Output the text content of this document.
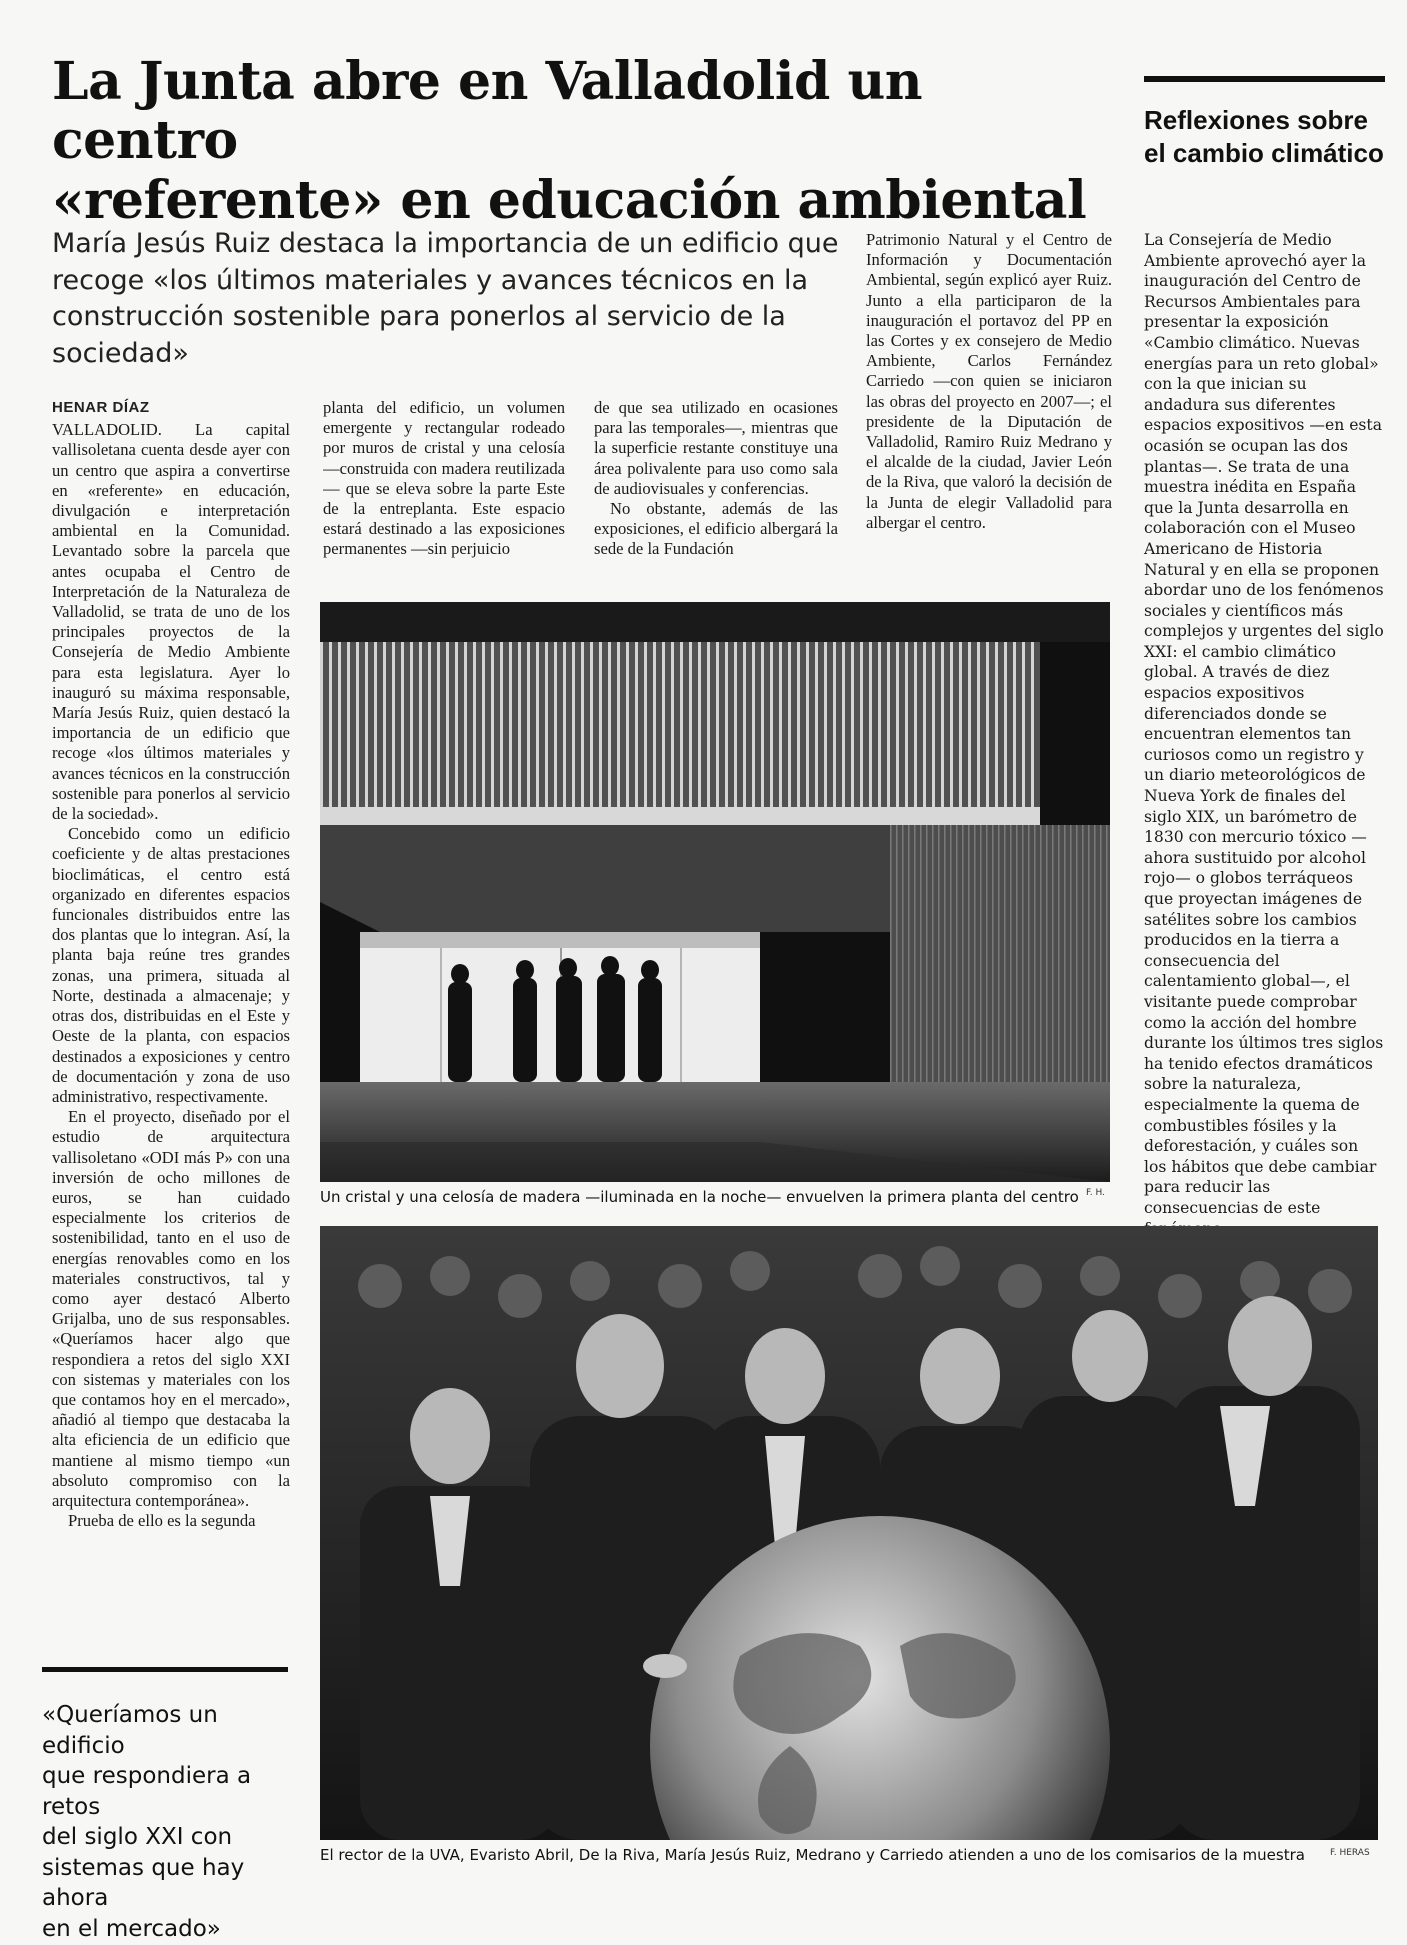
La Junta abre en Valladolid un centro
«referente» en educación ambiental
María Jesús Ruiz destaca la importancia de un edificio que recoge «los últimos materiales y avances técnicos en la construcción sostenible para ponerlos al servicio de la sociedad»
HENAR DÍAZ

VALLADOLID. La capital vallisoletana cuenta desde ayer con un centro que aspira a convertirse en «referente» en educación, divulgación e interpretación ambiental en la Comunidad. Levantado sobre la parcela que antes ocupaba el Centro de Interpretación de la Naturaleza de Valladolid, se trata de uno de los principales proyectos de la Consejería de Medio Ambiente para esta legislatura. Ayer lo inauguró su máxima responsable, María Jesús Ruiz, quien destacó la importancia de un edificio que recoge «los últimos materiales y avances técnicos en la construcción sostenible para ponerlos al servicio de la sociedad».

Concebido como un edificio coeficiente y de altas prestaciones bioclimáticas, el centro está organizado en diferentes espacios funcionales distribuidos entre las dos plantas que lo integran. Así, la planta baja reúne tres grandes zonas, una primera, situada al Norte, destinada a almacenaje; y otras dos, distribuidas en el Este y Oeste de la planta, con espacios destinados a exposiciones y centro de documentación y zona de uso administrativo, respectivamente.

En el proyecto, diseñado por el estudio de arquitectura vallisoletano «ODI más P» con una inversión de ocho millones de euros, se han cuidado especialmente los criterios de sostenibilidad, tanto en el uso de energías renovables como en los materiales constructivos, tal y como ayer destacó Alberto Grijalba, uno de sus responsables. «Queríamos hacer algo que respondiera a retos del siglo XXI con sistemas y materiales con los que contamos hoy en el mercado», añadió al tiempo que destacaba la alta eficiencia de un edificio que mantiene al mismo tiempo «un absoluto compromiso con la arquitectura contemporánea».

Prueba de ello es la segunda

«Queríamos un edificio
que respondiera a retos
del siglo XXI con
sistemas que hay ahora
en el mercado»

planta del edificio, un volumen emergente y rectangular rodeado por muros de cristal y una celosía —construida con madera reutilizada— que se eleva sobre la parte Este de la entreplanta. Este espacio estará destinado a las exposiciones permanentes —sin perjuicio

de que sea utilizado en ocasiones para las temporales—, mientras que la superficie restante constituye una área polivalente para uso como sala de audiovisuales y conferencias.

No obstante, además de las exposiciones, el edificio albergará la sede de la Fundación

Patrimonio Natural y el Centro de Información y Documentación Ambiental, según explicó ayer Ruiz. Junto a ella participaron de la inauguración el portavoz del PP en las Cortes y ex consejero de Medio Ambiente, Carlos Fernández Carriedo —con quien se iniciaron las obras del proyecto en 2007—; el presidente de la Diputación de Valladolid, Ramiro Ruiz Medrano y el alcalde de la ciudad, Javier León de la Riva, que valoró la decisión de la Junta de elegir Valladolid para albergar el centro.

Reflexiones sobre el cambio climático
La Consejería de Medio Ambiente aprovechó ayer la inauguración del Centro de Recursos Ambientales para presentar la exposición «Cambio climático. Nuevas energías para un reto global» con la que inician su andadura sus diferentes espacios expositivos —en esta ocasión se ocupan las dos plantas—. Se trata de una muestra inédita en España que la Junta desarrolla en colaboración con el Museo Americano de Historia Natural y en ella se proponen abordar uno de los fenómenos sociales y científicos más complejos y urgentes del siglo XXI: el cambio climático global. A través de diez espacios expositivos diferenciados donde se encuentran elementos tan curiosos como un registro y un diario meteorológicos de Nueva York de finales del siglo XIX, un barómetro de 1830 con mercurio tóxico —ahora sustituido por alcohol rojo— o globos terráqueos que proyectan imágenes de satélites sobre los cambios producidos en la tierra a consecuencia del calentamiento global—, el visitante puede comprobar como la acción del hombre durante los últimos tres siglos ha tenido efectos dramáticos sobre la naturaleza, especialmente la quema de combustibles fósiles y la deforestación, y cuáles son los hábitos que debe cambiar para reducir las consecuencias de este
Un cristal y una celosía de madera —iluminada en la noche— envuelven la primera planta del centro F. H.
El rector de la UVA, Evaristo Abril, De la Riva, María Jesús Ruiz, Medrano y Carriedo atienden a uno de los comisarios de la muestra	F. HERAS
